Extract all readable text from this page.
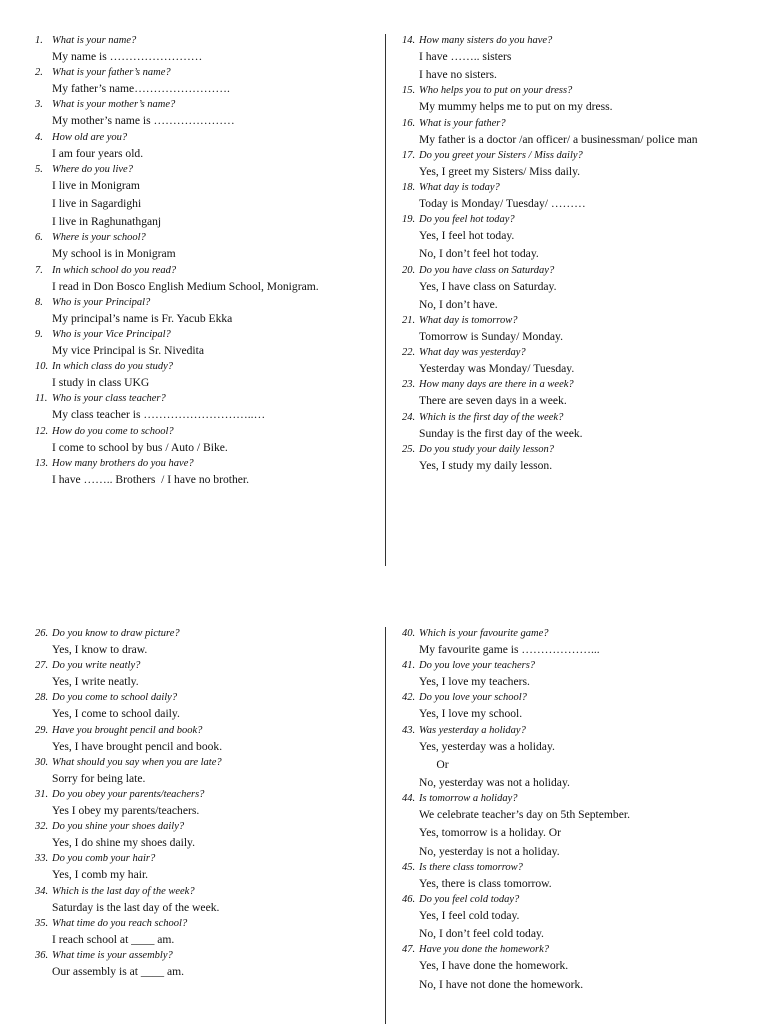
1. What is your name?
My name is ……………………
2. What is your father’s name?
My father’s name…………………….
3. What is your mother’s name?
My mother’s name is …………………
4. How old are you?
I am four years old.
5. Where do you live?
I live in Monigram
I live in Sagardighi
I live in Raghunathganj
6. Where is your school?
My school is in Monigram
7. In which school do you read?
I read in Don Bosco English Medium School, Monigram.
8. Who is your Principal?
My principal’s name is Fr. Yacub Ekka
9. Who is your Vice Principal?
My vice Principal is Sr. Nivedita
10. In which class do you study?
I study in class UKG
11. Who is your class teacher?
My class teacher is ………………………..…
12. How do you come to school?
I come to school by bus / Auto / Bike.
13. How many brothers do you have?
I have …….. Brothers  / I have no brother.
14. How many sisters do you have?
I have …….. sisters
I have no sisters.
15. Who helps you to put on your dress?
My mummy helps me to put on my dress.
16. What is your father?
My father is a doctor /an officer/ a businessman/ police man
17. Do you greet your Sisters / Miss daily?
Yes, I greet my Sisters/ Miss daily.
18. What day is today?
Today is Monday/ Tuesday/ ………
19. Do you feel hot today?
Yes, I feel hot today.
No, I don’t feel hot today.
20. Do you have class on Saturday?
Yes, I have class on Saturday.
No, I don’t have.
21. What day is tomorrow?
Tomorrow is Sunday/ Monday.
22. What day was yesterday?
Yesterday was Monday/ Tuesday.
23. How many days are there in a week?
There are seven days in a week.
24. Which is the first day of the week?
Sunday is the first day of the week.
25. Do you study your daily lesson?
Yes, I study my daily lesson.
26. Do you know to draw picture?
Yes, I know to draw.
27. Do you write neatly?
Yes, I write neatly.
28. Do you come to school daily?
Yes, I come to school daily.
29. Have you brought pencil and book?
Yes, I have brought pencil and book.
30. What should you say when you are late?
Sorry for being late.
31. Do you obey your parents/teachers?
Yes I obey my parents/teachers.
32. Do you shine your shoes daily?
Yes, I do shine my shoes daily.
33. Do you comb your hair?
Yes, I comb my hair.
34. Which is the last day of the week?
Saturday is the last day of the week.
35. What time do you reach school?
I reach school at ____ am.
36. What time is your assembly?
Our assembly is at ____ am.
40. Which is your favourite game?
My favourite game is ………………...
41. Do you love your teachers?
Yes, I love my teachers.
42. Do you love your school?
Yes, I love my school.
43. Was yesterday a holiday?
Yes, yesterday was a holiday.
Or
No, yesterday was not a holiday.
44. Is tomorrow a holiday?
We celebrate teacher’s day on 5th September.
Yes, tomorrow is a holiday. Or
No, yesterday is not a holiday.
45. Is there class tomorrow?
Yes, there is class tomorrow.
46. Do you feel cold today?
Yes, I feel cold today.
No, I don’t feel cold today.
47. Have you done the homework?
Yes, I have done the homework.
No, I have not done the homework.
